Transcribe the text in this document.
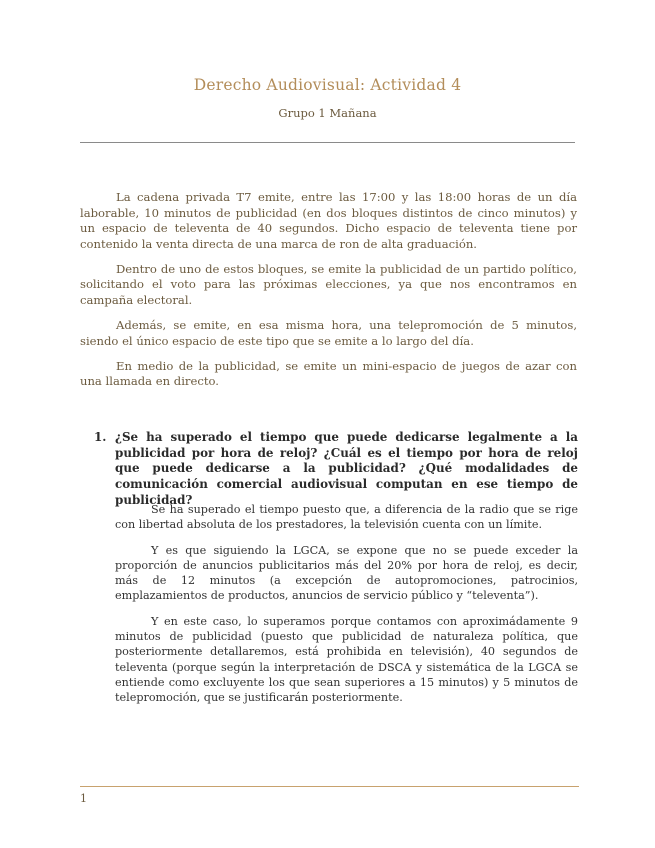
Derecho Audiovisual: Actividad 4
Grupo 1 Mañana

La cadena privada T7 emite, entre las 17:00 y las 18:00 horas de un día laborable, 10 minutos de publicidad (en dos bloques distintos de cinco minutos) y un espacio de televenta de 40 segundos. Dicho espacio de televenta tiene por contenido la venta directa de una marca de ron de alta graduación.

Dentro de uno de estos bloques, se emite la publicidad de un partido político, solicitando el voto para las próximas elecciones, ya que nos encontramos en campaña electoral.

Además, se emite, en esa misma hora, una telepromoción de 5 minutos, siendo el único espacio de este tipo que se emite a lo largo del día.

En medio de la publicidad, se emite un mini-espacio de juegos de azar con una llamada en directo.

1. ¿Se ha superado el tiempo que puede dedicarse legalmente a la publicidad por hora de reloj? ¿Cuál es el tiempo por hora de reloj que puede dedicarse a la publicidad? ¿Qué modalidades de comunicación comercial audiovisual computan en ese tiempo de publicidad?

Se ha superado el tiempo puesto que, a diferencia de la radio que se rige con libertad absoluta de los prestadores, la televisión cuenta con un límite.

Y es que siguiendo la LGCA, se expone que no se puede exceder la proporción de anuncios publicitarios más del 20% por hora de reloj, es decir, más de 12 minutos (a excepción de autopromociones, patrocinios, emplazamientos de productos, anuncios de servicio público y “televenta”).

Y en este caso, lo superamos porque contamos con aproximádamente 9 minutos de publicidad (puesto que publicidad de naturaleza política, que posteriormente detallaremos, está prohibida en televisión), 40 segundos de televenta (porque según la interpretación de DSCA y sistemática de la LGCA se entiende como excluyente los que sean superiores a 15 minutos) y 5 minutos de telepromoción, que se justificarán posteriormente.

1
